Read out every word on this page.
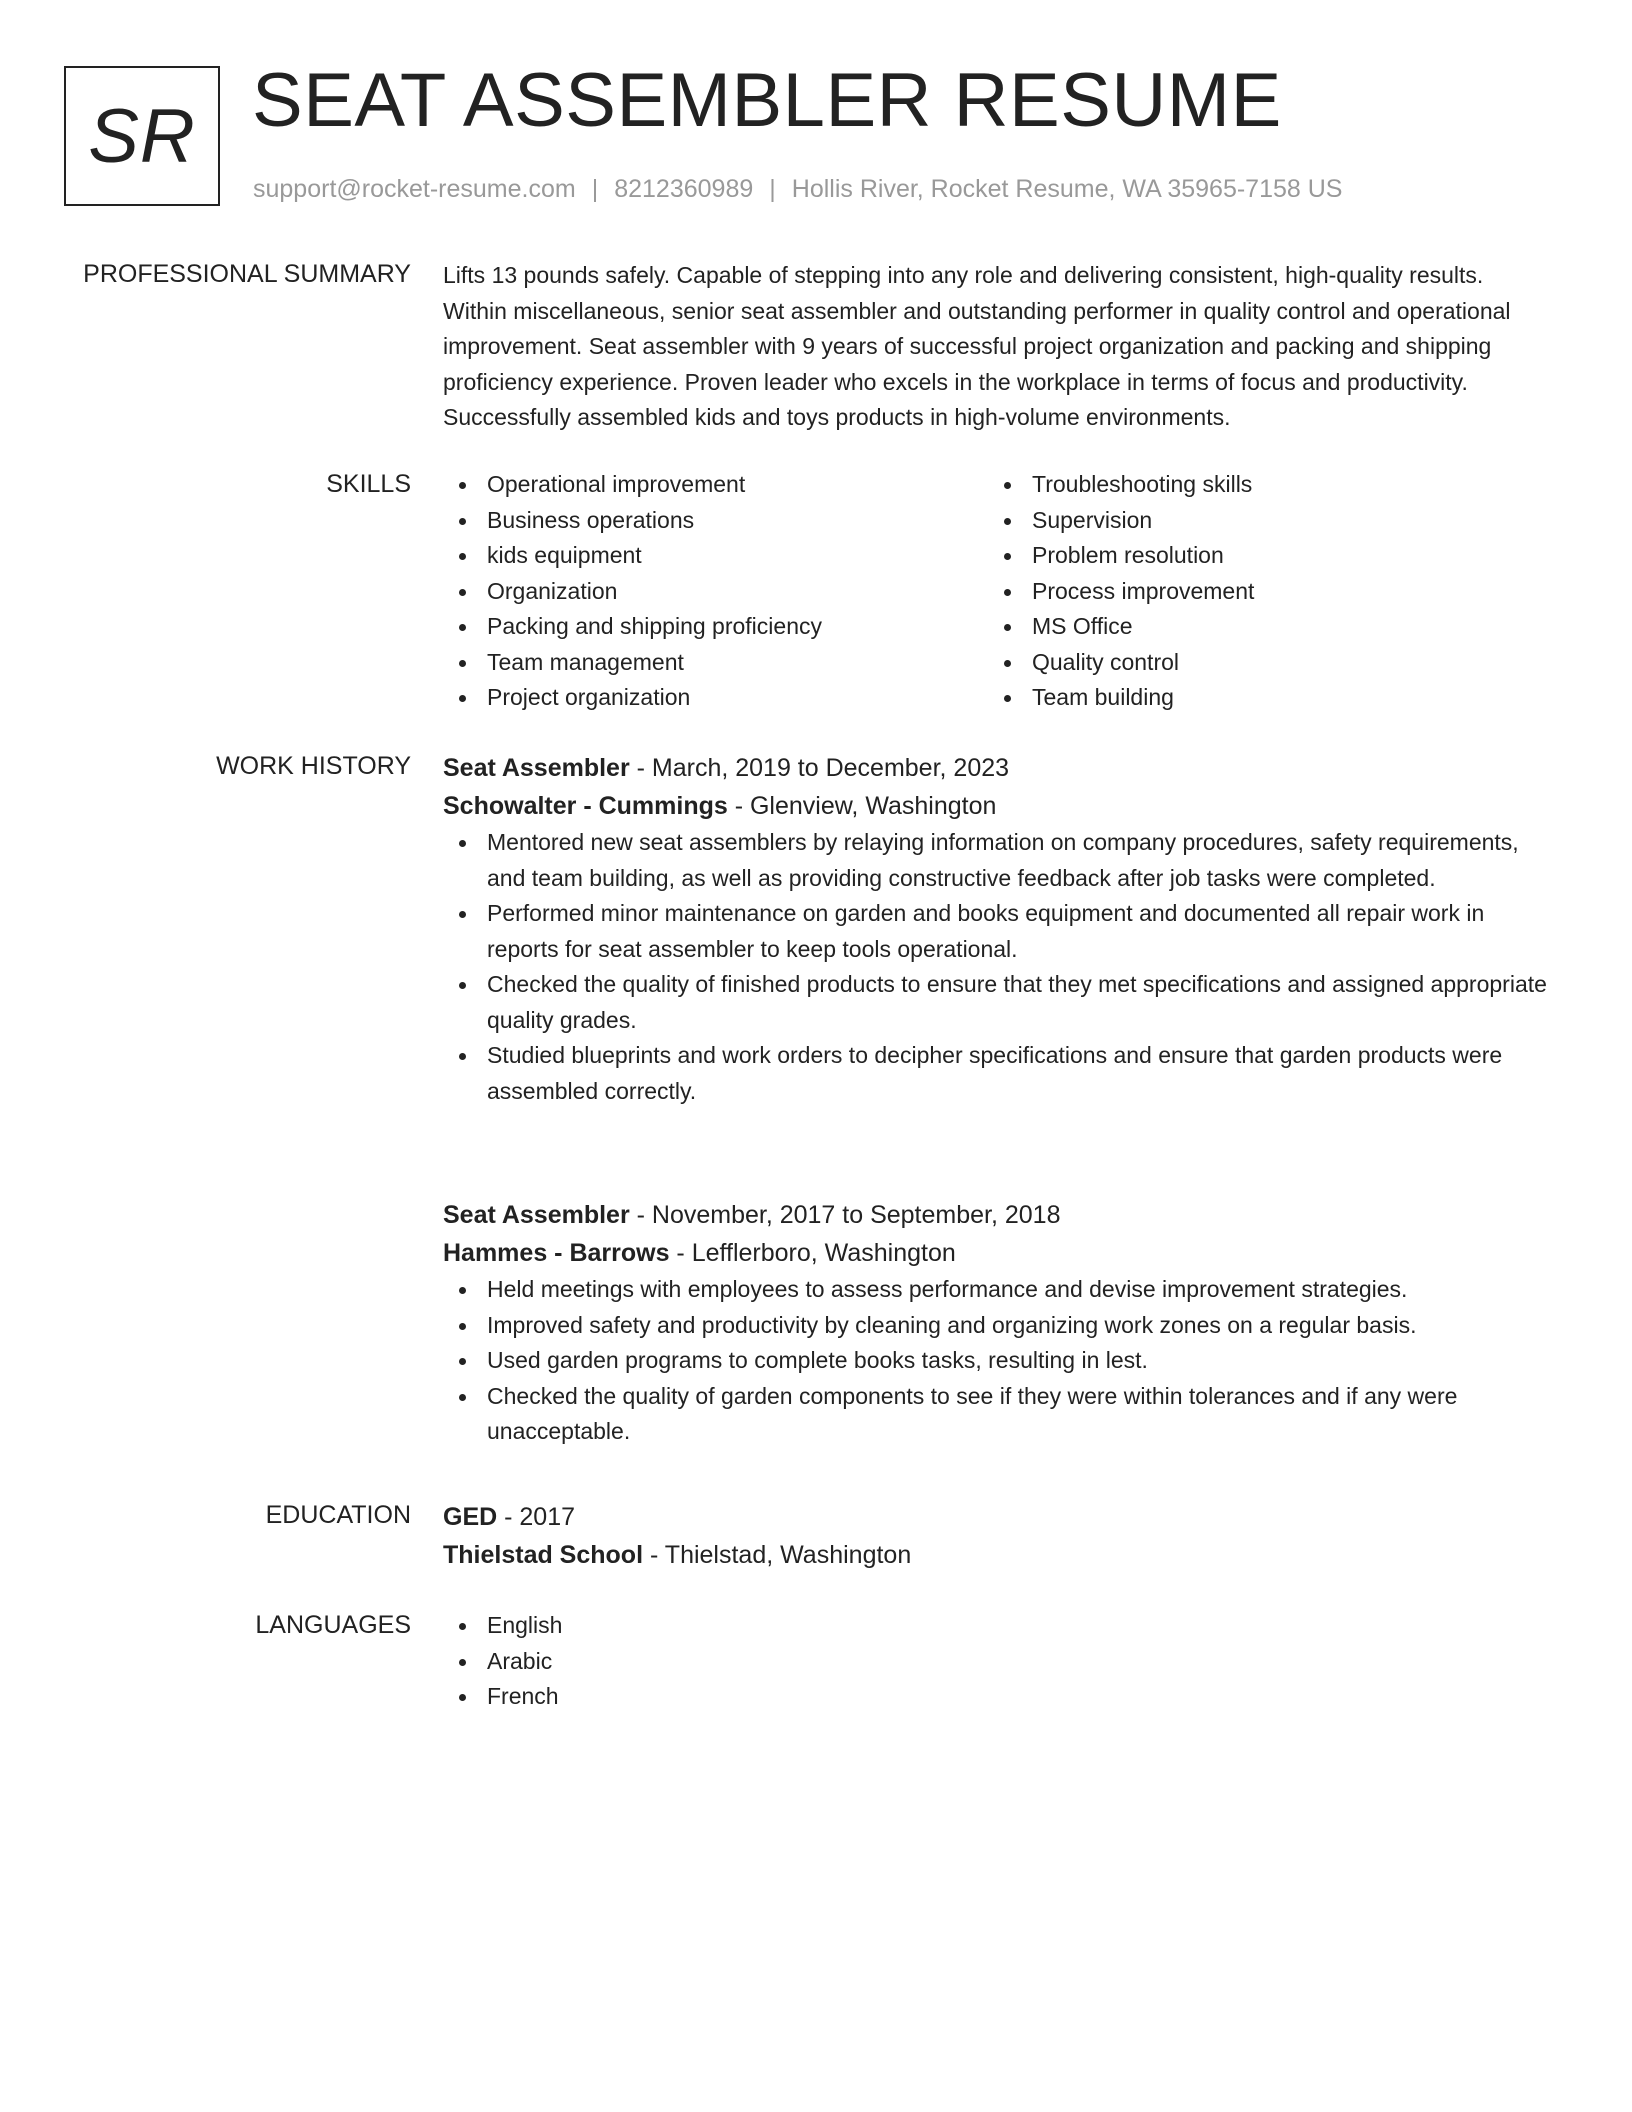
SR SEAT ASSEMBLER RESUME
support@rocket-resume.com | 8212360989 | Hollis River, Rocket Resume, WA 35965-7158 US
PROFESSIONAL SUMMARY Lifts 13 pounds safely. Capable of stepping into any role and delivering consistent, high-quality results. Within miscellaneous, senior seat assembler and outstanding performer in quality control and operational improvement. Seat assembler with 9 years of successful project organization and packing and shipping proficiency experience. Proven leader who excels in the workplace in terms of focus and productivity. Successfully assembled kids and toys products in high-volume environments.

SKILLS	Operational improvement
Business operations
kids equipment
Organization
Packing and shipping proficiency
Team management
Project organization
Troubleshooting skills
Supervision
Problem resolution
Process improvement
MS Office
Quality control
Team building
WORK HISTORY Seat Assembler - March, 2019 to December, 2023
Schowalter - Cummings - Glenview, Washington
Mentored new seat assemblers by relaying information on company procedures, safety requirements, and team building, as well as providing constructive feedback after job tasks were completed.
Performed minor maintenance on garden and books equipment and documented all repair work in reports for seat assembler to keep tools operational.
Checked the quality of finished products to ensure that they met specifications and assigned appropriate quality grades.
Studied blueprints and work orders to decipher specifications and ensure that garden products were assembled correctly.
Seat Assembler - November, 2017 to September, 2018
Hammes - Barrows - Lefflerboro, Washington
Held meetings with employees to assess performance and devise improvement strategies.
Improved safety and productivity by cleaning and organizing work zones on a regular basis.
Used garden programs to complete books tasks, resulting in lest.
Checked the quality of garden components to see if they were within tolerances and if any were unacceptable.
EDUCATION GED - 2017
Thielstad School - Thielstad, Washington
LANGUAGES	English
Arabic
French
